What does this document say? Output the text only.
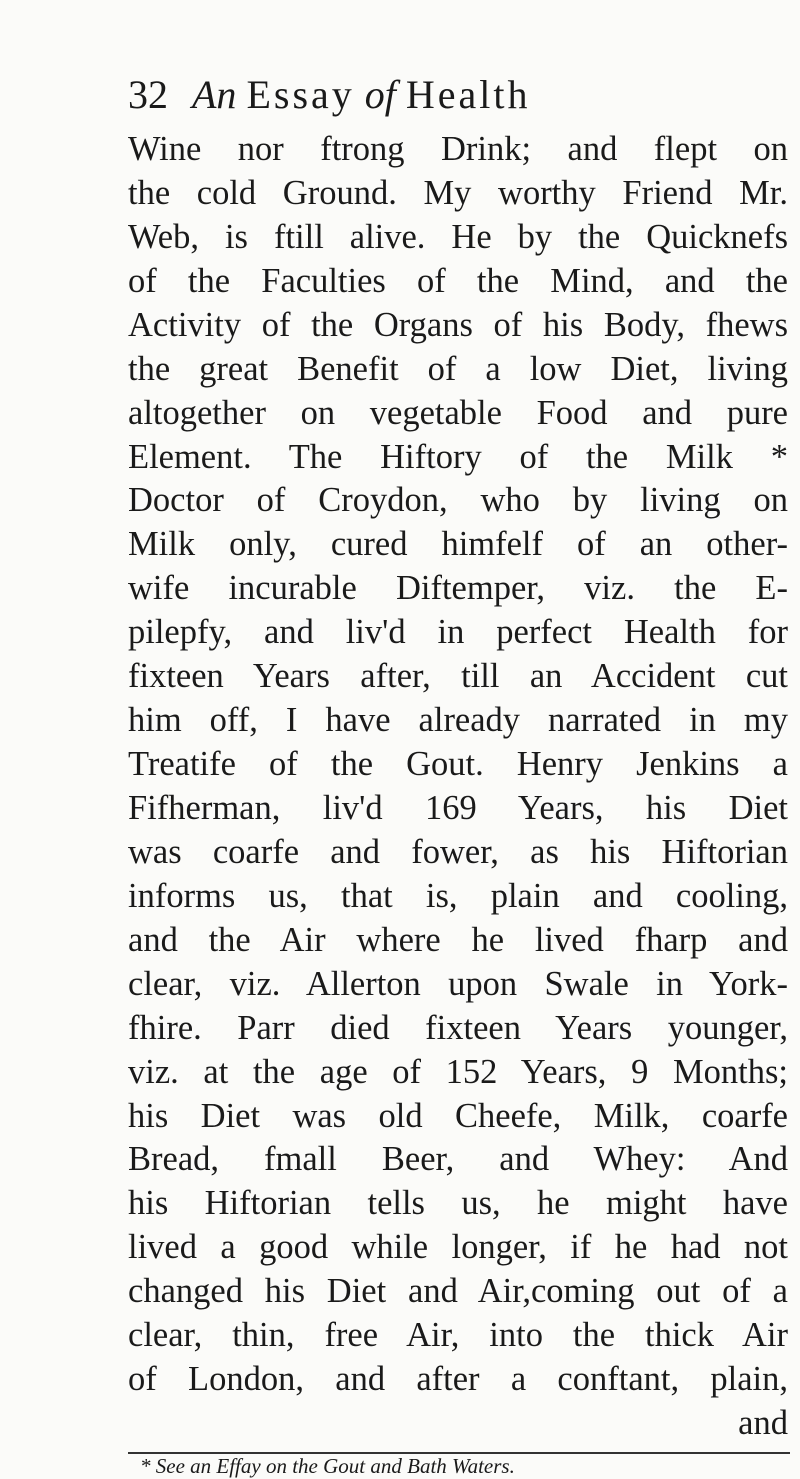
32 An Essay of Health
Wine nor ftrong Drink; and flept on
the cold Ground. My worthy Friend Mr.
Web, is ftill alive. He by the Quicknefs
of the Faculties of the Mind, and the
Activity of the Organs of his Body, fhews
the great Benefit of a low Diet, living
altogether on vegetable Food and pure
Element. The Hiftory of the Milk *
Doctor of Croydon, who by living on
Milk only, cured himfelf of an other-
wife incurable Diftemper, viz. the E-
pilepfy, and liv'd in perfect Health for
fixteen Years after, till an Accident cut
him off, I have already narrated in my
Treatife of the Gout. Henry Jenkins a
Fifherman, liv'd 169 Years, his Diet
was coarfe and fower, as his Hiftorian
informs us, that is, plain and cooling,
and the Air where he lived fharp and
clear, viz. Allerton upon Swale in York-
fhire. Parr died fixteen Years younger,
viz. at the age of 152 Years, 9 Months;
his Diet was old Cheefe, Milk, coarfe
Bread, fmall Beer, and Whey: And
his Hiftorian tells us, he might have
lived a good while longer, if he had not
changed his Diet and Air,coming out of a
clear, thin, free Air, into the thick Air
of London, and after a conftant, plain,
and
* See an Effay on the Gout and Bath Waters.
